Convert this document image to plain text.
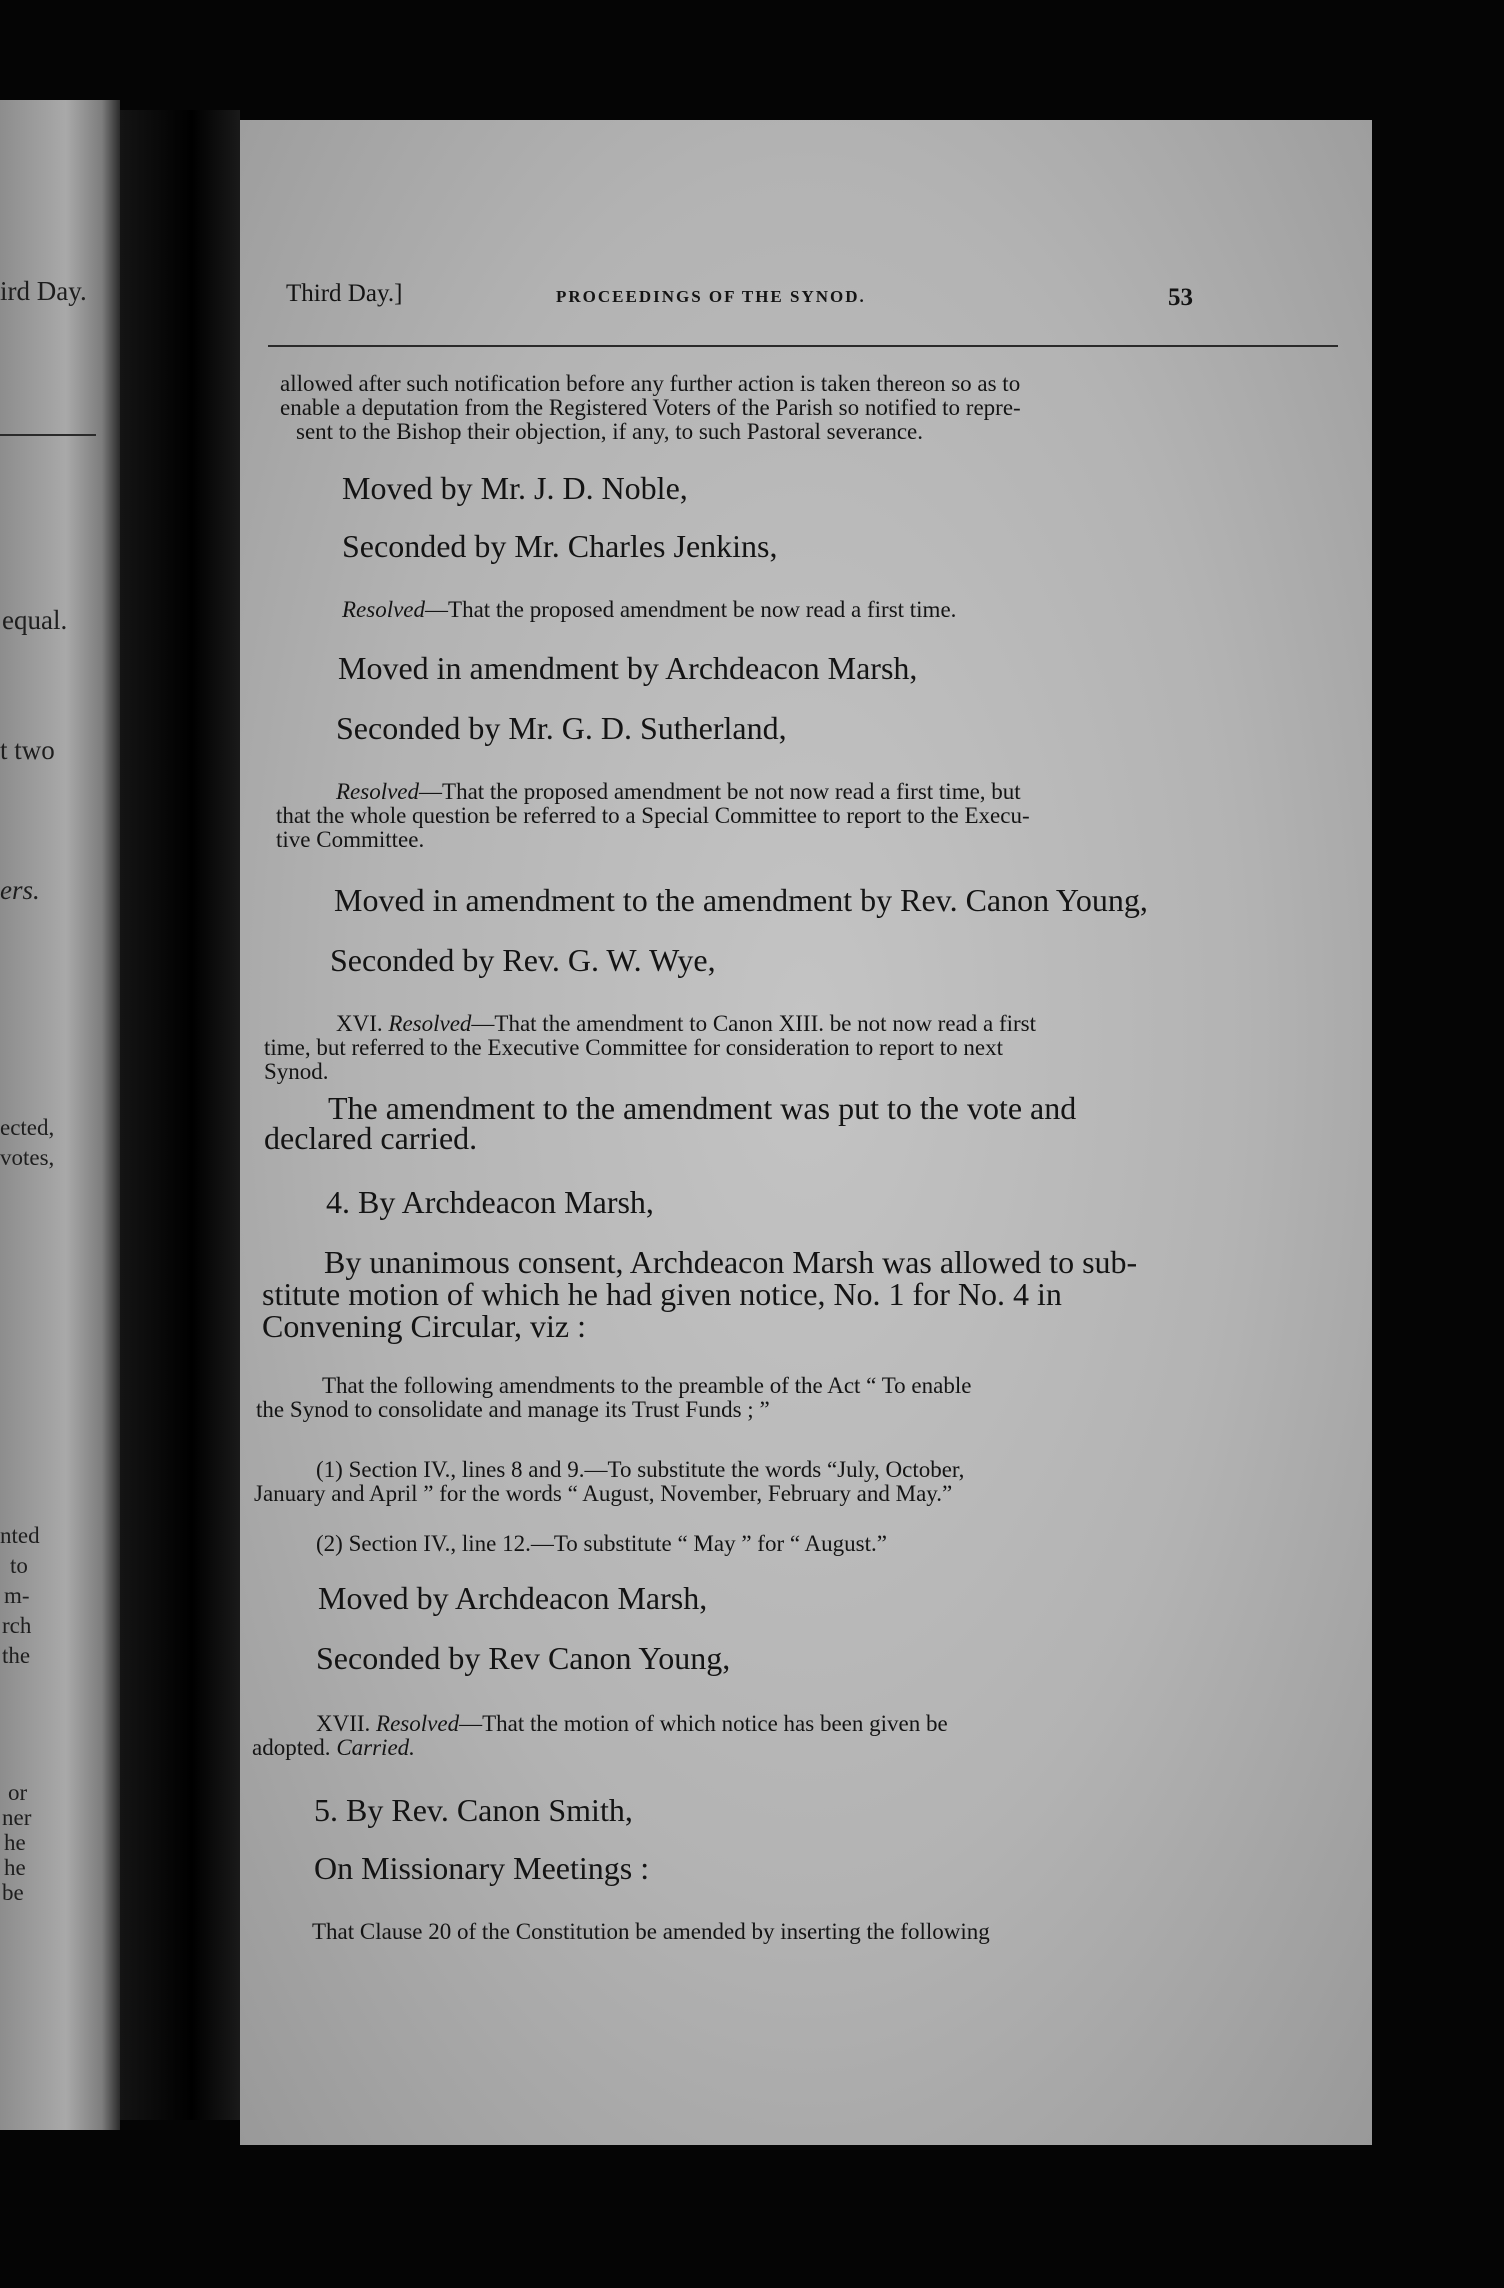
ird Day.
equal.
t two
ers.
ected,
votes,
nted
to
m-
rch
the
or
ner
he
he
be
Third Day.]	PROCEEDINGS OF THE SYNOD.	53
allowed after such notification before any further action is taken thereon so as to
enable a deputation from the Registered Voters of the Parish so notified to repre-
sent to the Bishop their objection, if any, to such Pastoral severance.
Moved by Mr. J. D. Noble,
Seconded by Mr. Charles Jenkins,
Resolved—That the proposed amendment be now read a first time.
Moved in amendment by Archdeacon Marsh,
Seconded by Mr. G. D. Sutherland,
Resolved—That the proposed amendment be not now read a first time, but
that the whole question be referred to a Special Committee to report to the Execu-
tive Committee.
Moved in amendment to the amendment by Rev. Canon Young,
Seconded by Rev. G. W. Wye,
XVI. Resolved—That the amendment to Canon XIII. be not now read a first
time, but referred to the Executive Committee for consideration to report to next
Synod.
The amendment to the amendment was put to the vote and
declared carried.
4. By Archdeacon Marsh,
By unanimous consent, Archdeacon Marsh was allowed to sub-
stitute motion of which he had given notice, No. 1 for No. 4 in
Convening Circular, viz :
That the following amendments to the preamble of the Act “ To enable
the Synod to consolidate and manage its Trust Funds ; ”
(1) Section IV., lines 8 and 9.—To substitute the words “July, October,
January and April ” for the words “ August, November, February and May.”
(2) Section IV., line 12.—To substitute “ May ” for “ August.”
Moved by Archdeacon Marsh,
Seconded by Rev Canon Young,
XVII. Resolved—That the motion of which notice has been given be
adopted. Carried.
5. By Rev. Canon Smith,
On Missionary Meetings :
That Clause 20 of the Constitution be amended by inserting the following
